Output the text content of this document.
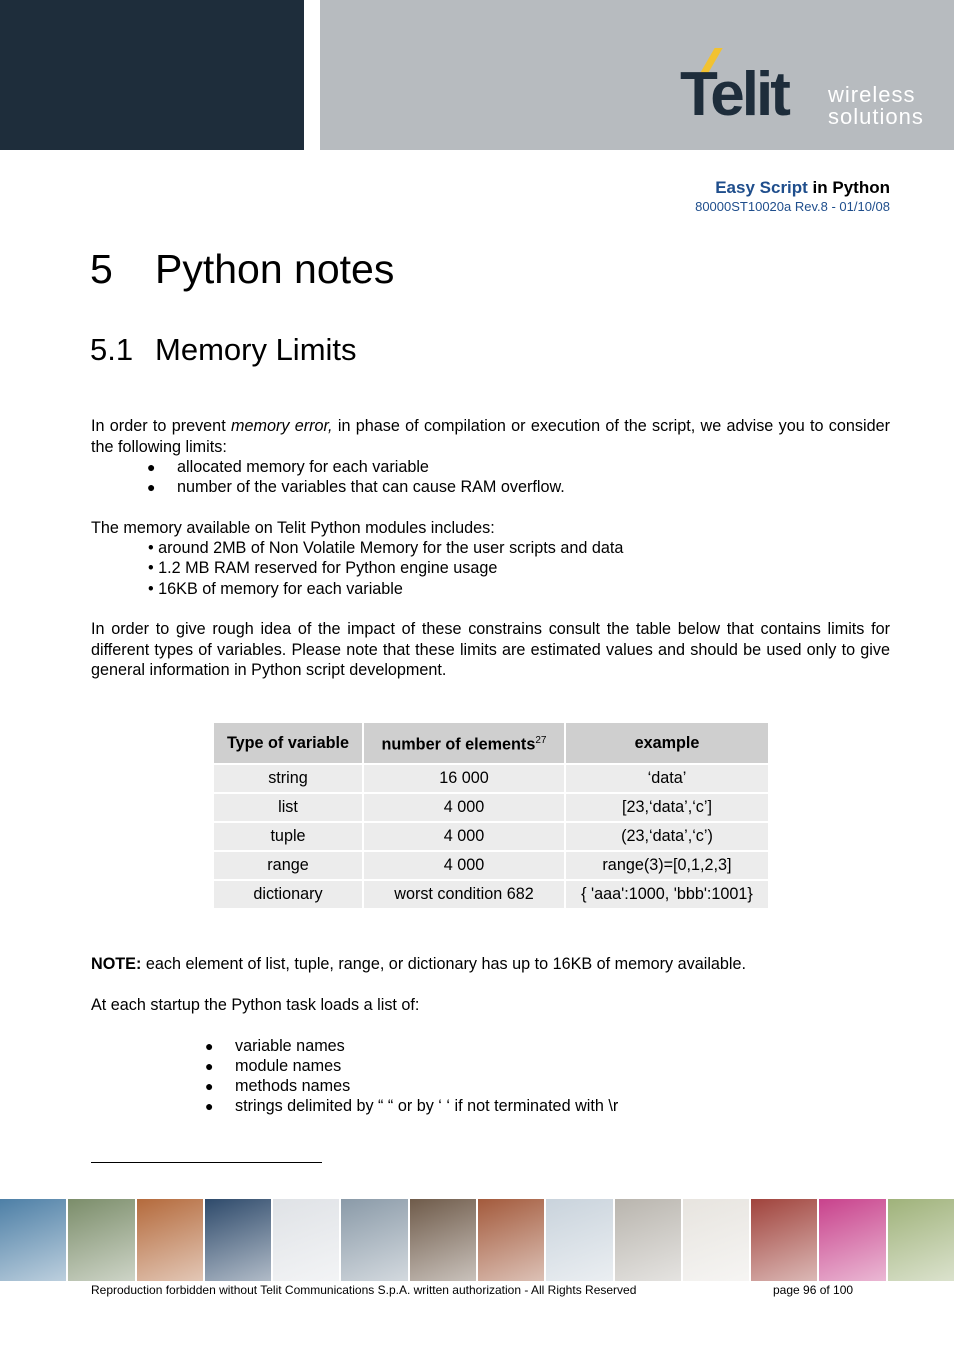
Telit wireless
solutions
Easy Script in Python
80000ST10020a Rev.8 - 01/10/08
5 Python notes
5.1 Memory Limits
In order to prevent memory error, in phase of compilation or execution of the script, we advise you to consider the following limits:
● allocated memory for each variable
● number of the variables that can cause RAM overflow.
The memory available on Telit Python modules includes:
• around 2MB of Non Volatile Memory for the user scripts and data
• 1.2 MB RAM reserved for Python engine usage
• 16KB of memory for each variable
In order to give rough idea of the impact of these constrains consult the table below that contains limits for different types of variables. Please note that these limits are estimated values and should be used only to give general information in Python script development.
Type of variable	number of elements$^{27}$	example
string	16 000	‘data’
list	4 000	[23,‘data’,‘c’]
tuple	4 000	(23,‘data’,‘c’)
range	4 000	range(3)=[0,1,2,3]
dictionary	worst condition 682	{ 'aaa':1000, 'bbb':1001}
NOTE: each element of list, tuple, range, or dictionary has up to 16KB of memory available.
At each startup the Python task loads a list of:
● variable names
● module names
● methods names
● strings delimited by “ “ or by ‘ ‘ if not terminated with \r
Reproduction forbidden without Telit Communications S.p.A. written authorization - All Rights Reserved	page 96 of 100
